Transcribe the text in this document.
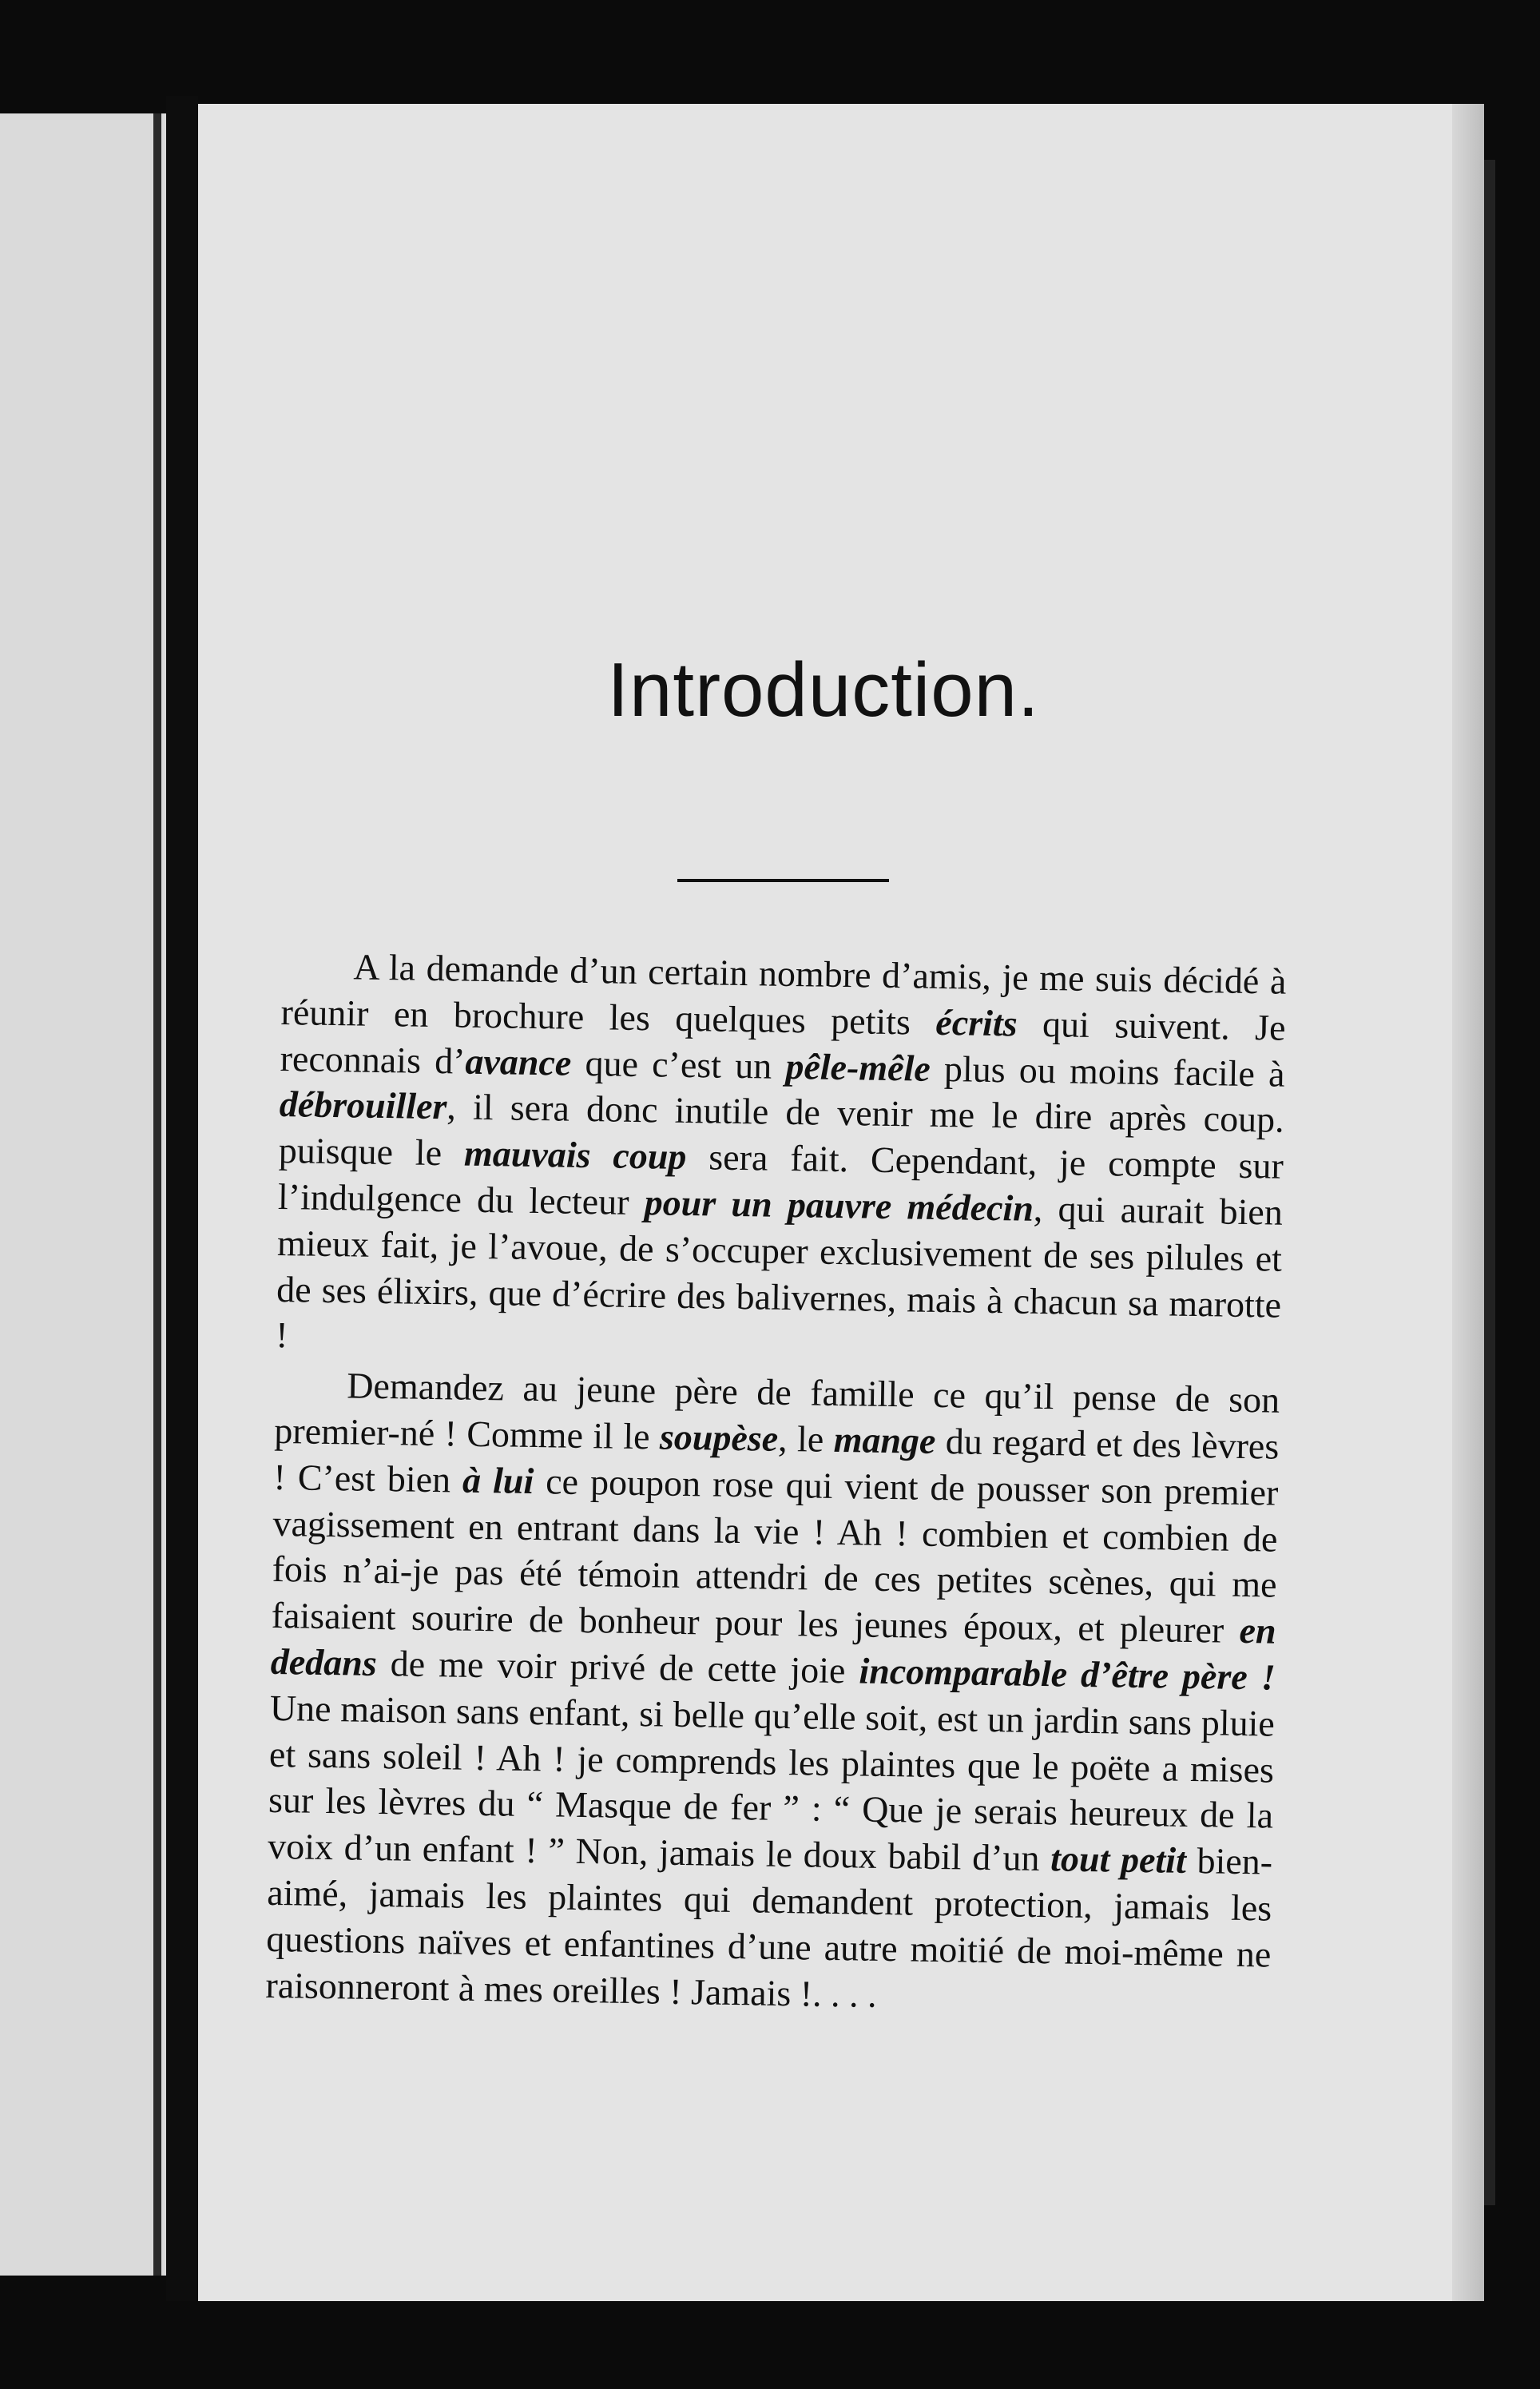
Introduction.

A la demande d’un certain nombre d’amis, je me suis décidé à réunir en brochure les quelques petits écrits qui suivent. Je reconnais d’avance que c’est un pêle-mêle plus ou moins facile à débrouiller, il sera donc inutile de venir me le dire après coup. puisque le mauvais coup sera fait. Cependant, je compte sur l’indulgence du lecteur pour un pauvre médecin, qui aurait bien mieux fait, je l’avoue, de s’occuper exclusivement de ses pilules et de ses élixirs, que d’écrire des balivernes, mais à chacun sa marotte !

Demandez au jeune père de famille ce qu’il pense de son premier-né ! Comme il le soupèse, le mange du regard et des lèvres ! C’est bien à lui ce poupon rose qui vient de pousser son premier vagissement en entrant dans la vie ! Ah ! combien et combien de fois n’ai-je pas été témoin attendri de ces petites scènes, qui me faisaient sourire de bonheur pour les jeunes époux, et pleurer en dedans de me voir privé de cette joie incomparable d’être père ! Une maison sans enfant, si belle qu’elle soit, est un jardin sans pluie et sans soleil ! Ah ! je comprends les plaintes que le poëte a mises sur les lèvres du “ Masque de fer ” : “ Que je serais heureux de la voix d’un enfant ! ” Non, jamais le doux babil d’un tout petit bien-aimé, jamais les plaintes qui demandent protection, jamais les questions naïves et enfantines d’une autre moitié de moi-même ne raisonneront à mes oreilles ! Jamais !. . . .
